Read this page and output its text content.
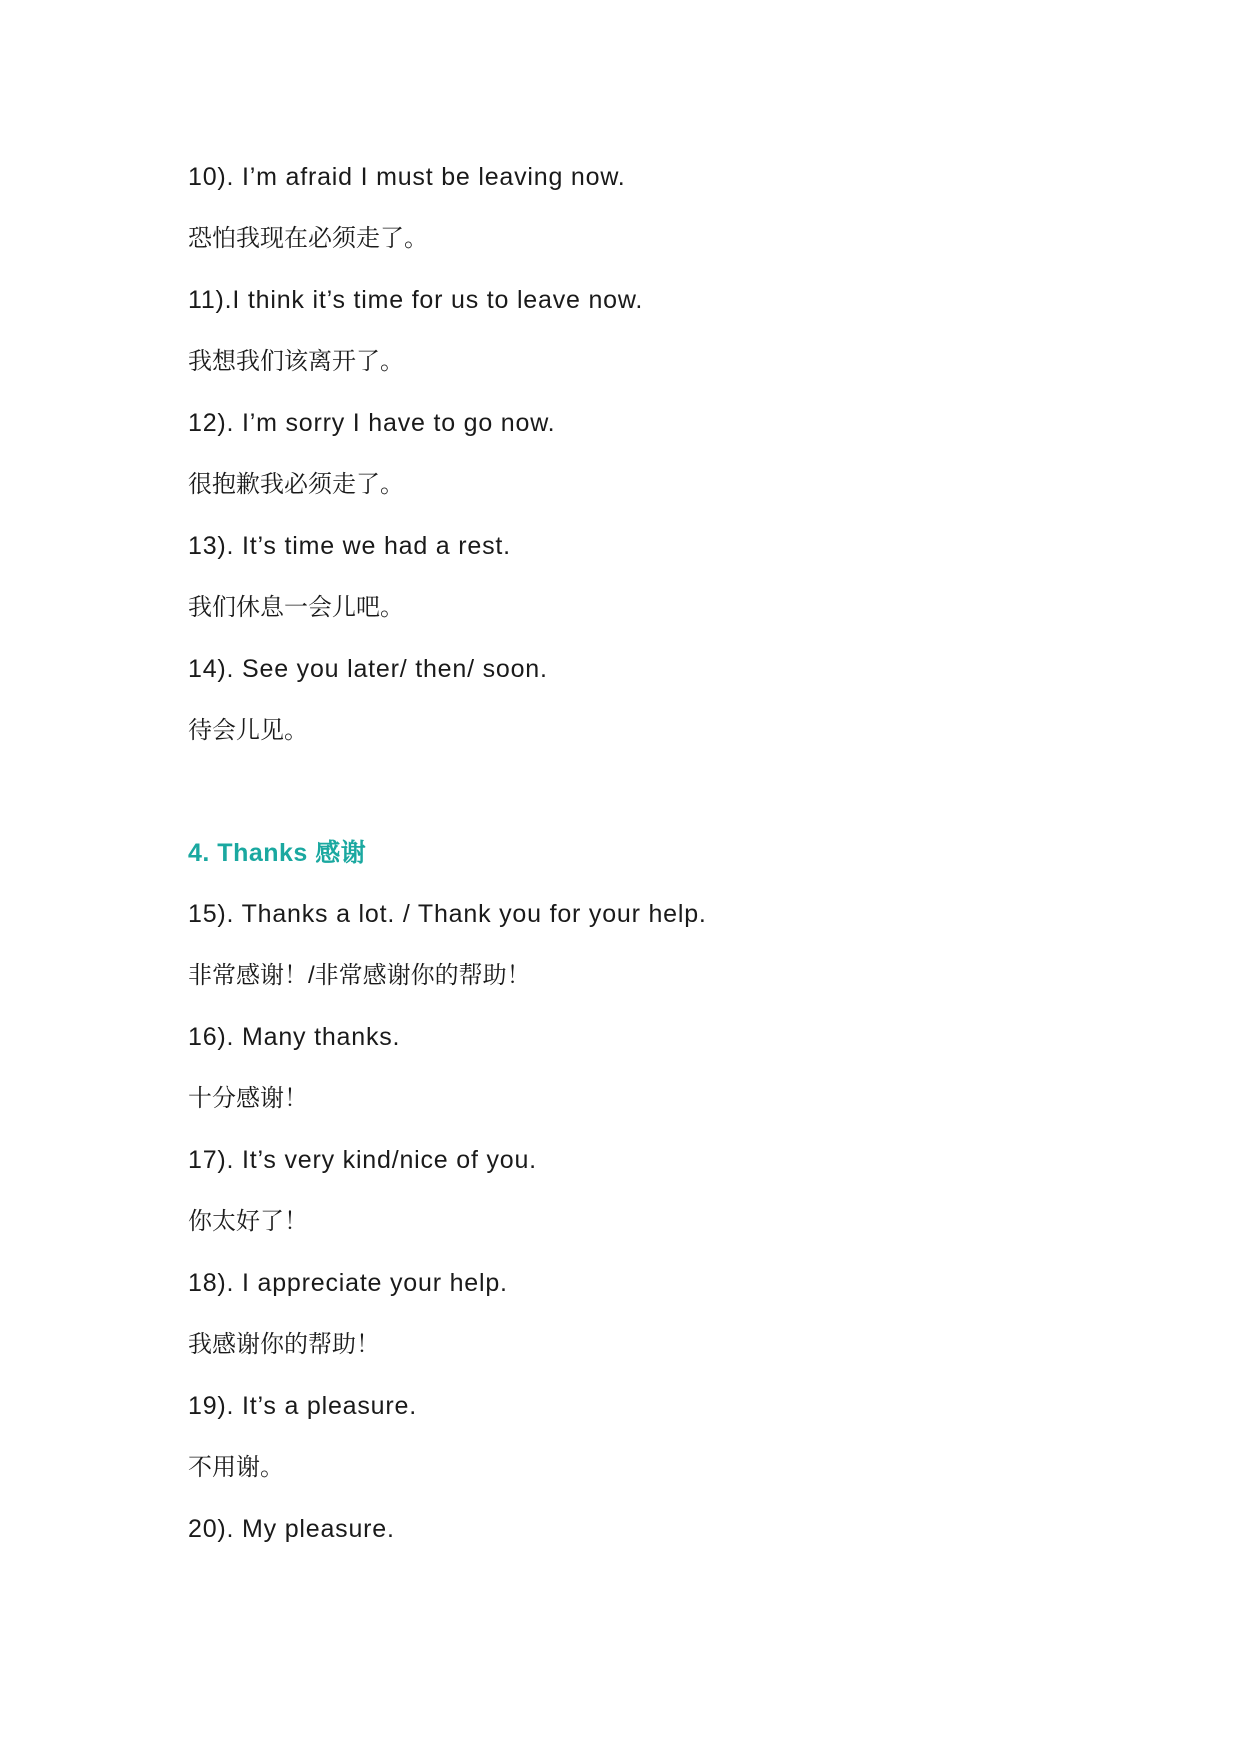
10). I’m afraid I must be leaving now.
恐怕我现在必须走了。
11).I think it’s time for us to leave now.
我想我们该离开了。
12). I’m sorry I have to go now.
很抱歉我必须走了。
13). It’s time we had a rest.
我们休息一会儿吧。
14). See you later/ then/ soon.
待会儿见。
4. Thanks 感谢
15). Thanks a lot. / Thank you for your help.
非常感谢！/非常感谢你的帮助！
16). Many thanks.
十分感谢！
17). It’s very kind/nice of you.
你太好了！
18). I appreciate your help.
我感谢你的帮助！
19). It’s a pleasure.
不用谢。
20). My pleasure.
